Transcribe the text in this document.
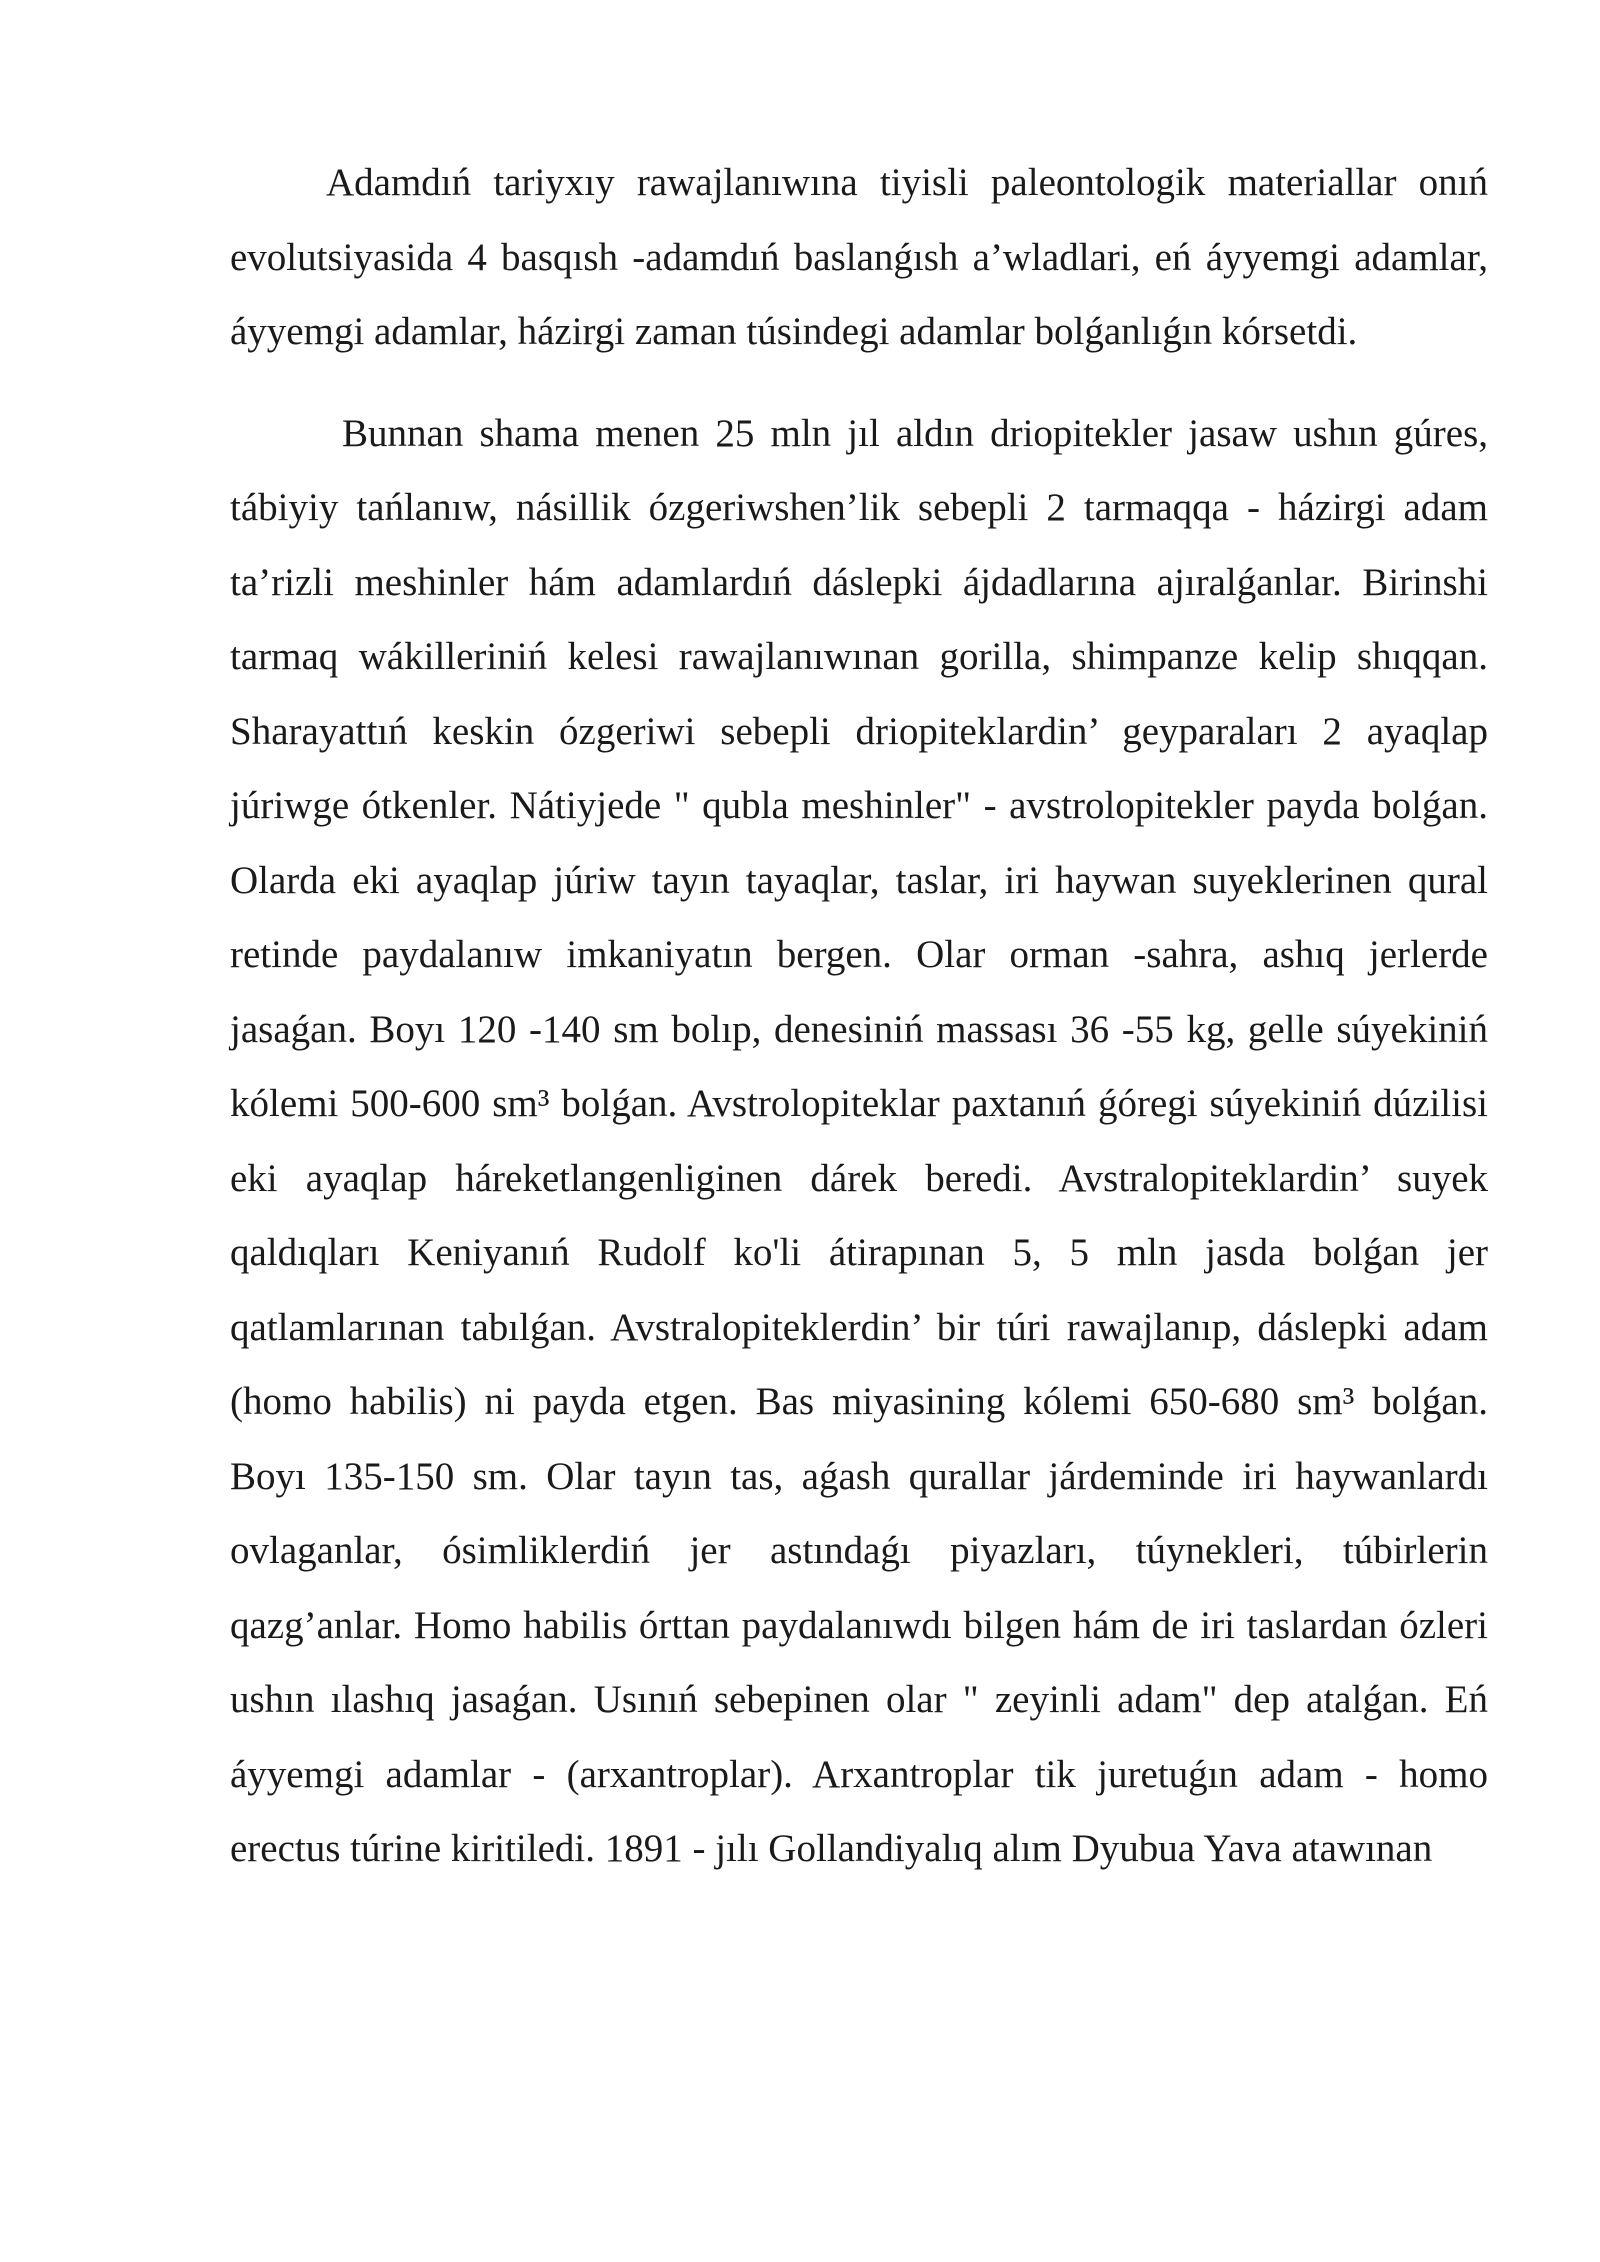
Adamdıń tariyxıy rawajlanıwına tiyisli paleontologik materiallar onıń evolutsiyasida 4 basqısh -adamdıń baslanǵısh a’wladlari, eń áyyemgi adamlar, áyyemgi adamlar, házirgi zaman túsindegi adamlar bolǵanlıǵın kórsetdi.

Bunnan shama menen 25 mln jıl aldın driopitekler jasaw ushın gúres, tábiyiy tańlanıw, násillik ózgeriwshen’lik sebepli 2 tarmaqqa - házirgi adam ta’rizli meshinler hám adamlardıń dáslepki ájdadlarına ajıralǵanlar. Birinshi tarmaq wákilleriniń kelesi rawajlanıwınan gorilla, shimpanze kelip shıqqan. Sharayattıń keskin ózgeriwi sebepli driopiteklardin’ geyparaları 2 ayaqlap júriwge ótkenler. Nátiyjede " qubla meshinler" - avstrolopitekler payda bolǵan. Olarda eki ayaqlap júriw tayın tayaqlar, taslar, iri haywan suyeklerinen qural retinde paydalanıw imkaniyatın bergen. Olar orman -sahra, ashıq jerlerde jasaǵan. Boyı 120 -140 sm bolıp, denesiniń massası 36 -55 kg, gelle súyekiniń kólemi 500-600 sm³ bolǵan. Avstrolopiteklar paxtanıń ǵóregi súyekiniń dúzilisi eki ayaqlap háreketlangenliginen dárek beredi. Avstralopiteklardin’ suyek qaldıqları Keniyanıń Rudolf ko'li átirapınan 5, 5 mln jasda bolǵan jer qatlamlarınan tabılǵan. Avstralopiteklerdin’ bir túri rawajlanıp, dáslepki adam (homo habilis) ni payda etgen. Bas miyasining kólemi 650-680 sm³ bolǵan. Boyı 135-150 sm. Olar tayın tas, aǵash qurallar járdeminde iri haywanlardı ovlaganlar, ósimliklerdiń jer astındaǵı piyazları, túynekleri, túbirlerin qazg’anlar. Homo habilis órttan paydalanıwdı bilgen hám de iri taslardan ózleri ushın ılashıq jasaǵan. Usınıń sebepinen olar " zeyinli adam" dep atalǵan. Eń áyyemgi adamlar - (arxantroplar). Arxantroplar tik juretuǵın adam - homo erectus túrine kiritiledi. 1891 - jılı Gollandiyalıq alım Dyubua Yava atawınan
